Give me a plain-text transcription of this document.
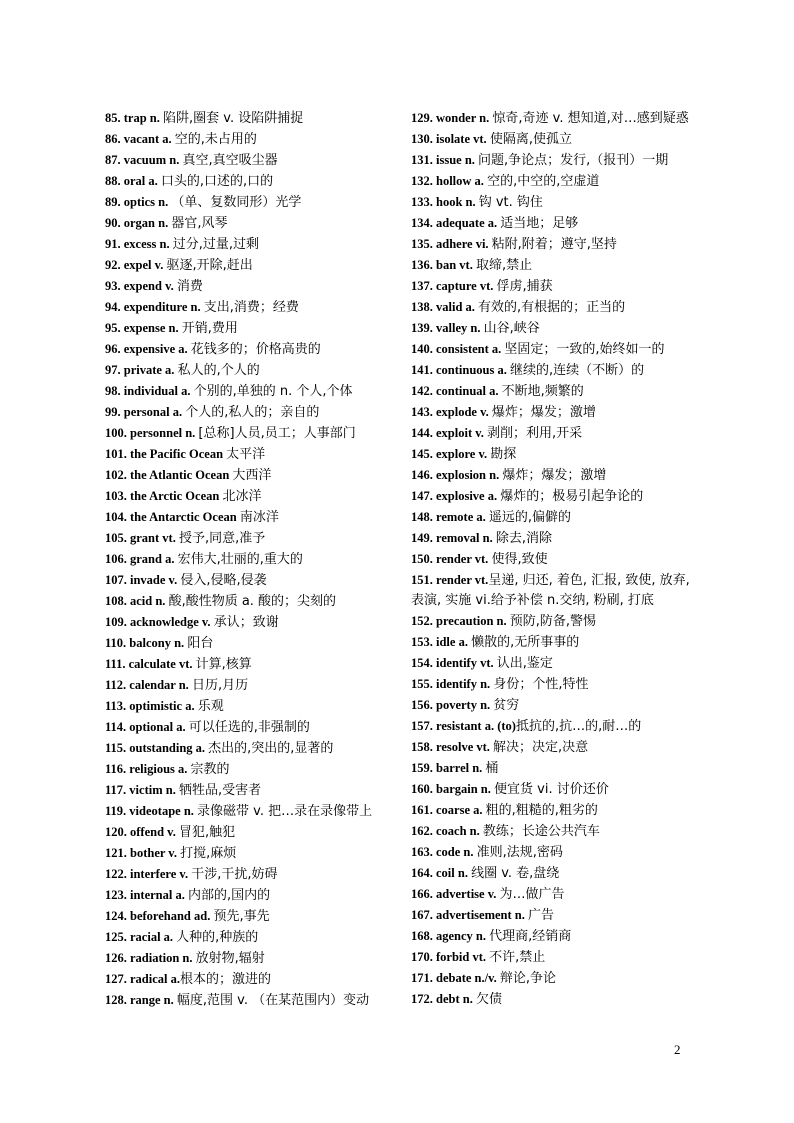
85. trap n. 陷阱,圈套 v. 设陷阱捕捉

86. vacant a. 空的,未占用的

87. vacuum n. 真空,真空吸尘器

88. oral a. 口头的,口述的,口的

89. optics n. （单、复数同形）光学

90. organ n. 器官,风琴

91. excess n. 过分,过量,过剩

92. expel v. 驱逐,开除,赶出

93. expend v. 消费

94. expenditure n. 支出,消费；经费

95. expense n. 开销,费用

96. expensive a. 花钱多的；价格高贵的

97. private a. 私人的,个人的

98. individual a. 个别的,单独的 n. 个人,个体

99. personal a. 个人的,私人的；亲自的

100. personnel n. [总称]人员,员工；人事部门

101. the Pacific Ocean 太平洋

102. the Atlantic Ocean 大西洋

103. the Arctic Ocean 北冰洋

104. the Antarctic Ocean 南冰洋

105. grant vt. 授予,同意,准予

106. grand a. 宏伟大,壮丽的,重大的

107. invade v. 侵入,侵略,侵袭

108. acid n. 酸,酸性物质 a. 酸的；尖刻的

109. acknowledge v. 承认；致谢

110. balcony n. 阳台

111. calculate vt. 计算,核算

112. calendar n. 日历,月历

113. optimistic a. 乐观

114. optional a. 可以任选的,非强制的

115. outstanding a. 杰出的,突出的,显著的

116. religious a. 宗教的

117. victim n. 牺牲品,受害者

119. videotape n. 录像磁带 v. 把…录在录像带上

120. offend v. 冒犯,触犯

121. bother v. 打搅,麻烦

122. interfere v. 干涉,干扰,妨碍

123. internal a. 内部的,国内的

124. beforehand ad. 预先,事先

125. racial a. 人种的,种族的

126. radiation n. 放射物,辐射

127. radical a.根本的；激进的

128. range n. 幅度,范围 v. （在某范围内）变动

129. wonder n. 惊奇,奇迹 v. 想知道,对…感到疑惑

130. isolate vt. 使隔离,使孤立

131. issue n. 问题,争论点；发行,（报刊）一期

132. hollow a. 空的,中空的,空虚道

133. hook n. 钩 vt. 钩住

134. adequate a. 适当地；足够

135. adhere vi. 粘附,附着；遵守,坚持

136. ban vt. 取缔,禁止

137. capture vt. 俘虏,捕获

138. valid a. 有效的,有根据的；正当的

139. valley n. 山谷,峡谷

140. consistent a. 坚固定；一致的,始终如一的

141. continuous a. 继续的,连续（不断）的

142. continual a. 不断地,频繁的

143. explode v. 爆炸；爆发；激增

144. exploit v. 剥削；利用,开采

145. explore v. 勘探

146. explosion n. 爆炸；爆发；激增

147. explosive a. 爆炸的；极易引起争论的

148. remote a. 遥远的,偏僻的

149. removal n. 除去,消除

150. render vt. 使得,致使

151. render vt.呈递, 归还, 着色, 汇报, 致使, 放弃, 表演, 实施 vi.给予补偿 n.交纳, 粉刷, 打底

152. precaution n. 预防,防备,警惕

153. idle a. 懒散的,无所事事的

154. identify vt. 认出,鉴定

155. identify n. 身份；个性,特性

156. poverty n. 贫穷

157. resistant a. (to)抵抗的,抗…的,耐…的

158. resolve vt. 解决；决定,决意

159. barrel n. 桶

160. bargain n. 便宜货 vi. 讨价还价

161. coarse a. 粗的,粗糙的,粗劣的

162. coach n. 教练；长途公共汽车

163. code n. 准则,法规,密码

164. coil n. 线圈 v. 卷,盘绕

166. advertise v. 为…做广告

167. advertisement n. 广告

168. agency n. 代理商,经销商

170. forbid vt. 不许,禁止

171. debate n./v. 辩论,争论

172. debt n. 欠债

2
